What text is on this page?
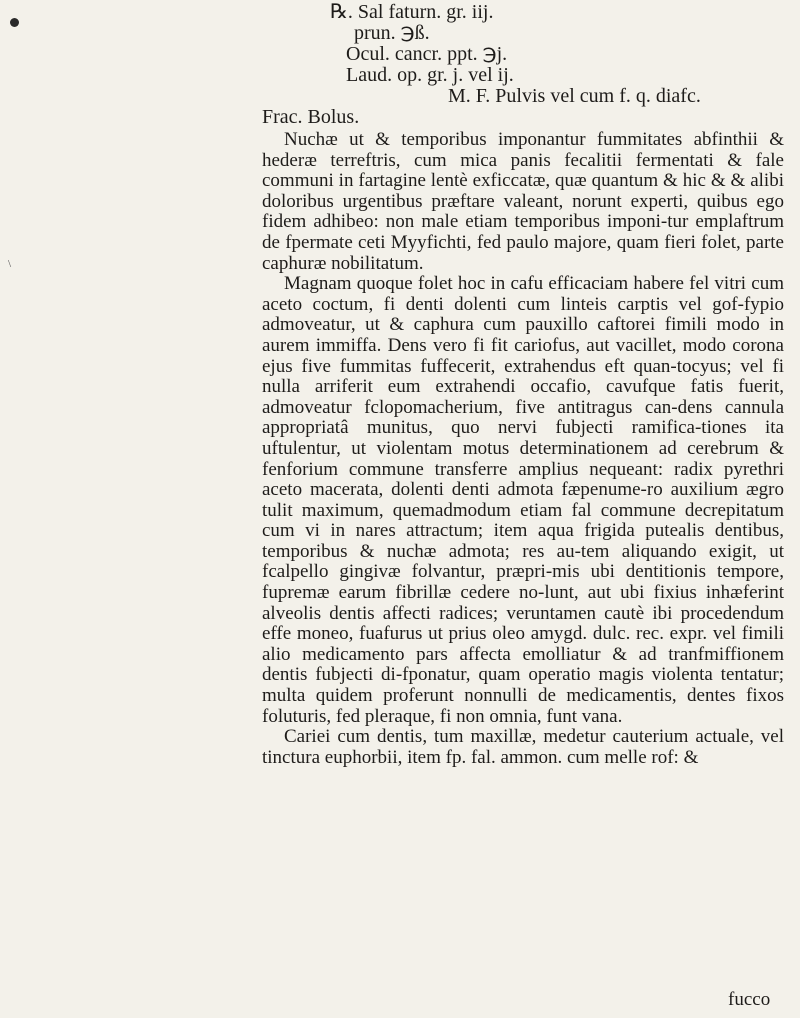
\
℞. Sal faturn. gr. iij.
prun. ℈ß.
Ocul. cancr. ppt. ℈j.
Laud. op. gr. j. vel ij.
M. F. Pulvis vel cum f. q. diafc.
Frac. Bolus.

Nuchæ ut & temporibus imponantur fummitates abfinthii & hederæ terreftris, cum mica panis fecalitii fermentati & fale communi in fartagine lentè exficcatæ, quæ quantum & hic & & alibi doloribus urgentibus præftare valeant, norunt experti, quibus ego fidem adhibeo: non male etiam temporibus imponi-tur emplaftrum de fpermate ceti Myyfichti, fed paulo majore, quam fieri folet, parte caphuræ nobilitatum.

Magnam quoque folet hoc in cafu efficaciam habere fel vitri cum aceto coctum, fi denti dolenti cum linteis carptis vel gof-fypio admoveatur, ut & caphura cum pauxillo caftorei fimili modo in aurem immiffa. Dens vero fi fit cariofus, aut vacillet, modo corona ejus five fummitas fuffecerit, extrahendus eft quan-tocyus; vel fi nulla arriferit eum extrahendi occafio, cavufque fatis fuerit, admoveatur fclopomacherium, five antitragus can-dens cannula appropriatâ munitus, quo nervi fubjecti ramifica-tiones ita uftulentur, ut violentam motus determinationem ad cerebrum & fenforium commune transferre amplius nequeant: radix pyrethri aceto macerata, dolenti denti admota fæpenume-ro auxilium ægro tulit maximum, quemadmodum etiam fal commune decrepitatum cum vi in nares attractum; item aqua frigida putealis dentibus, temporibus & nuchæ admota; res au-tem aliquando exigit, ut fcalpello gingivæ folvantur, præpri-mis ubi dentitionis tempore, fupremæ earum fibrillæ cedere no-lunt, aut ubi fixius inhæferint alveolis dentis affecti radices; veruntamen cautè ibi procedendum effe moneo, fuafurus ut prius oleo amygd. dulc. rec. expr. vel fimili alio medicamento pars affecta emolliatur & ad tranfmiffionem dentis fubjecti di-fponatur, quam operatio magis violenta tentatur; multa quidem proferunt nonnulli de medicamentis, dentes fixos foluturis, fed pleraque, fi non omnia, funt vana.

Cariei cum dentis, tum maxillæ, medetur cauterium actuale, vel tinctura euphorbii, item fp. fal. ammon. cum melle rof: &

fucco
